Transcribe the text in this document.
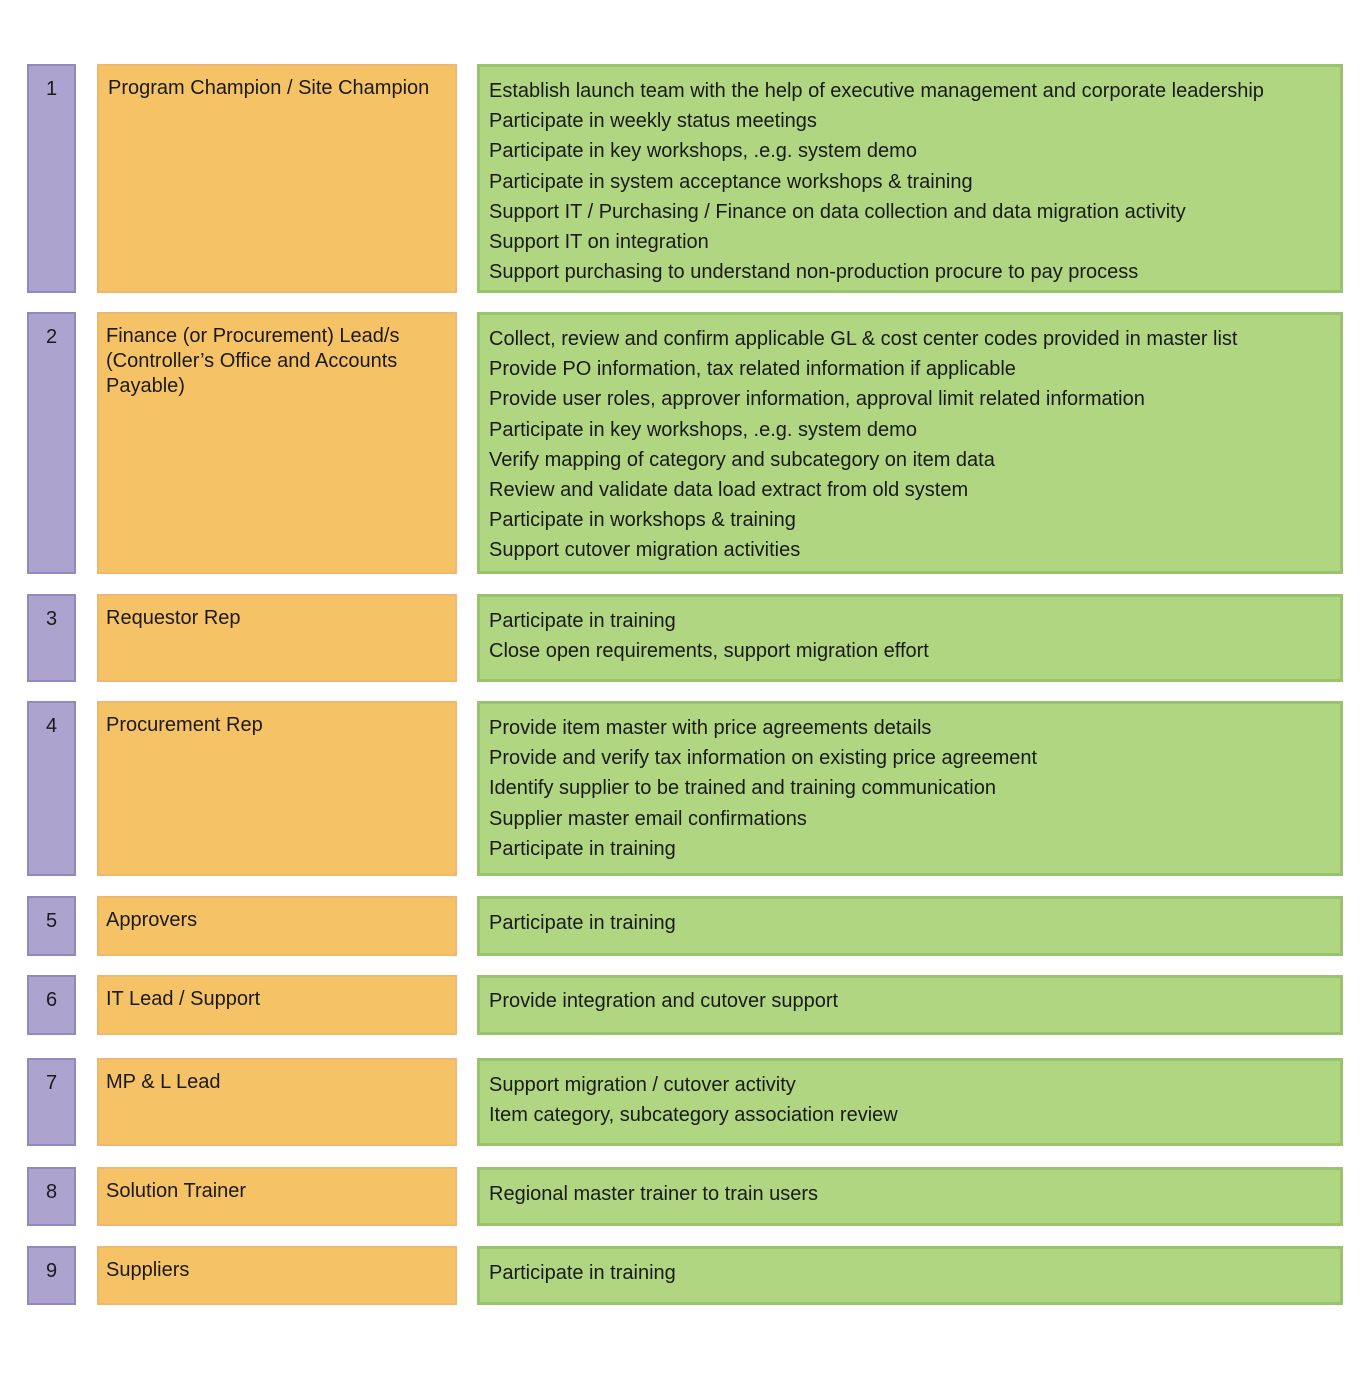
1	Program Champion / Site Champion	Establish launch team with the help of executive management and corporate leadership
Participate in weekly status meetings
Participate in key workshops, .e.g. system demo
Participate in system acceptance workshops & training
Support IT / Purchasing / Finance on data collection and data migration activity
Support IT on integration
Support purchasing to understand non-production procure to pay process
2	Finance (or Procurement) Lead/s (Controller’s Office and Accounts Payable)
Collect, review and confirm applicable GL & cost center codes provided in master list
Provide PO information, tax related information if applicable
Provide user roles, approver information, approval limit related information
Participate in key workshops, .e.g. system demo
Verify mapping of category and subcategory on item data
Review and validate data load extract from old system
Participate in workshops & training
Support cutover migration activities
3	Requestor Rep	Participate in training
Close open requirements, support migration effort
4	Procurement Rep	Provide item master with price agreements details
Provide and verify tax information on existing price agreement
Identify supplier to be trained and training communication
Supplier master email confirmations
Participate in training
5	Approvers	Participate in training
6	IT Lead / Support	Provide integration and cutover support
7	MP & L Lead	Support migration / cutover activity
Item category, subcategory association review
8	Solution Trainer	Regional master trainer to train users
9	Suppliers	Participate in training
